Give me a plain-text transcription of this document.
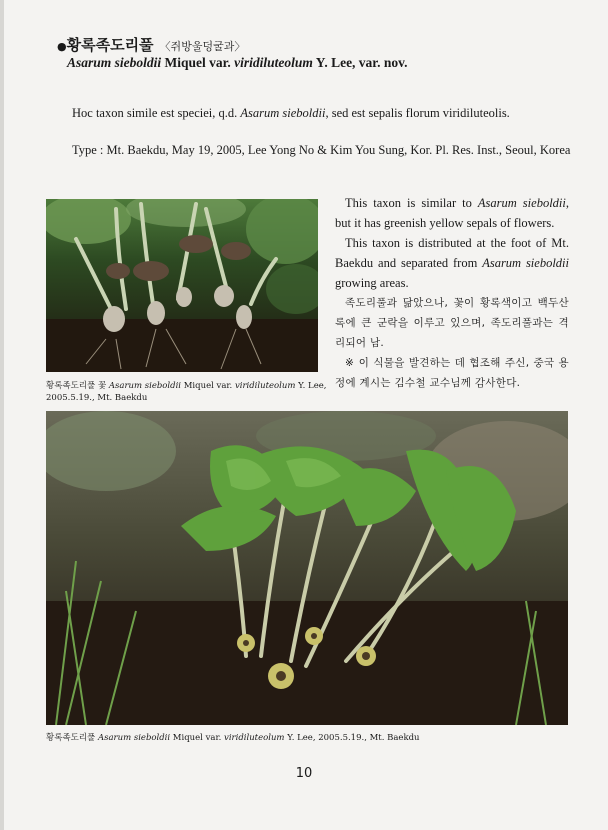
●황록족도리풀 〈쥐방울덩굴과〉
Asarum sieboldii Miquel var. viridiluteolum Y. Lee, var. nov.
Hoc taxon simile est speciei, q.d. Asarum sieboldii, sed est sepalis florum viridiluteolis.
Type : Mt. Baekdu, May 19, 2005, Lee Yong No & Kim You Sung, Kor. Pl. Res. Inst., Seoul, Korea
황록족도리풀 꽃 Asarum sieboldii Miquel var. viridiluteolum Y. Lee,
2005.5.19., Mt. Baekdu

This taxon is similar to Asarum sieboldii, but it has greenish yellow sepals of flowers.

This taxon is distributed at the foot of Mt. Baekdu and separated from Asarum sieboldii growing areas.

족도리풀과 닮았으나, 꽃이 황록색이고 백두산록에 큰 군락을 이루고 있으며, 족도리풀과는 격리되어 남.

※ 이 식물을 발견하는 데 협조해 주신, 중국 용정에 계시는 김수철 교수님께 감사한다.

황록족도리풀 Asarum sieboldii Miquel var. viridiluteolum Y. Lee, 2005.5.19., Mt. Baekdu
10
